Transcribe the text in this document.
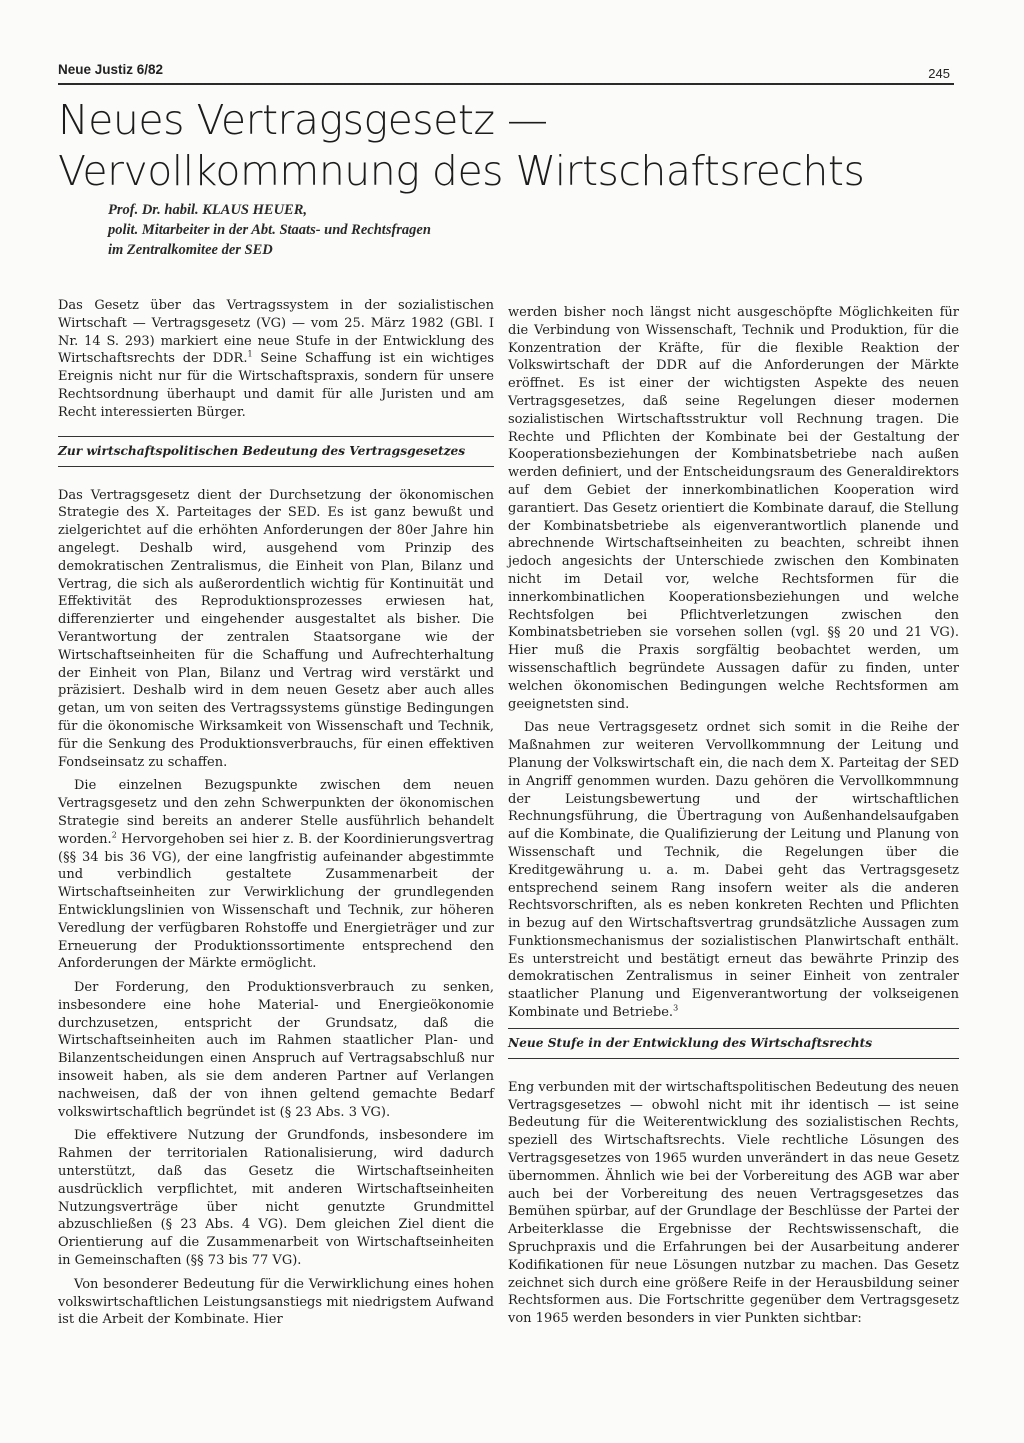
Neue Justiz 6/82	245
Neues Vertragsgesetz —
Vervollkommnung des Wirtschaftsrechts
Prof. Dr. habil. KLAUS HEUER,
polit. Mitarbeiter in der Abt. Staats- und Rechtsfragen
im Zentralkomitee der SED

Das Gesetz über das Vertragssystem in der sozialistischen Wirtschaft — Vertragsgesetz (VG) — vom 25. März 1982 (GBl. I Nr. 14 S. 293) markiert eine neue Stufe in der Entwicklung des Wirtschaftsrechts der DDR.$^1$ Seine Schaffung ist ein wichtiges Ereignis nicht nur für die Wirtschaftspraxis, sondern für unsere Rechtsordnung überhaupt und damit für alle Juristen und am Recht interessierten Bürger.

Zur wirtschaftspolitischen Bedeutung des Vertragsgesetzes

Das Vertragsgesetz dient der Durchsetzung der ökonomischen Strategie des X. Parteitages der SED. Es ist ganz bewußt und zielgerichtet auf die erhöhten Anforderungen der 80er Jahre hin angelegt. Deshalb wird, ausgehend vom Prinzip des demokratischen Zentralismus, die Einheit von Plan, Bilanz und Vertrag, die sich als außerordentlich wichtig für Kontinuität und Effektivität des Reproduktionsprozesses erwiesen hat, differenzierter und eingehender ausgestaltet als bisher. Die Verantwortung der zentralen Staatsorgane wie der Wirtschaftseinheiten für die Schaffung und Aufrechterhaltung der Einheit von Plan, Bilanz und Vertrag wird verstärkt und präzisiert. Deshalb wird in dem neuen Gesetz aber auch alles getan, um von seiten des Vertragssystems günstige Bedingungen für die ökonomische Wirksamkeit von Wissenschaft und Technik, für die Senkung des Produktionsverbrauchs, für einen effektiven Fondseinsatz zu schaffen.

Die einzelnen Bezugspunkte zwischen dem neuen Vertragsgesetz und den zehn Schwerpunkten der ökonomischen Strategie sind bereits an anderer Stelle ausführlich behandelt worden.$^2$ Hervorgehoben sei hier z. B. der Koordinierungsvertrag (§§ 34 bis 36 VG), der eine langfristig aufeinander abgestimmte und verbindlich gestaltete Zusammenarbeit der Wirtschaftseinheiten zur Verwirklichung der grundlegenden Entwicklungslinien von Wissenschaft und Technik, zur höheren Veredlung der verfügbaren Rohstoffe und Energieträger und zur Erneuerung der Produktionssortimente entsprechend den Anforderungen der Märkte ermöglicht.

Der Forderung, den Produktionsverbrauch zu senken, insbesondere eine hohe Material- und Energieökonomie durchzusetzen, entspricht der Grundsatz, daß die Wirtschaftseinheiten auch im Rahmen staatlicher Plan- und Bilanzentscheidungen einen Anspruch auf Vertragsabschluß nur insoweit haben, als sie dem anderen Partner auf Verlangen nachweisen, daß der von ihnen geltend gemachte Bedarf volkswirtschaftlich begründet ist (§ 23 Abs. 3 VG).

Die effektivere Nutzung der Grundfonds, insbesondere im Rahmen der territorialen Rationalisierung, wird dadurch unterstützt, daß das Gesetz die Wirtschaftseinheiten ausdrücklich verpflichtet, mit anderen Wirtschaftseinheiten Nutzungsverträge über nicht genutzte Grundmittel abzuschließen (§ 23 Abs. 4 VG). Dem gleichen Ziel dient die Orientierung auf die Zusammenarbeit von Wirtschaftseinheiten in Gemeinschaften (§§ 73 bis 77 VG).

Von besonderer Bedeutung für die Verwirklichung eines hohen volkswirtschaftlichen Leistungsanstiegs mit niedrigstem Aufwand ist die Arbeit der Kombinate. Hier

werden bisher noch längst nicht ausgeschöpfte Möglichkeiten für die Verbindung von Wissenschaft, Technik und Produktion, für die Konzentration der Kräfte, für die flexible Reaktion der Volkswirtschaft der DDR auf die Anforderungen der Märkte eröffnet. Es ist einer der wichtigsten Aspekte des neuen Vertragsgesetzes, daß seine Regelungen dieser modernen sozialistischen Wirtschaftsstruktur voll Rechnung tragen. Die Rechte und Pflichten der Kombinate bei der Gestaltung der Kooperationsbeziehungen der Kombinatsbetriebe nach außen werden definiert, und der Entscheidungsraum des Generaldirektors auf dem Gebiet der innerkombinatlichen Kooperation wird garantiert. Das Gesetz orientiert die Kombinate darauf, die Stellung der Kombinatsbetriebe als eigenverantwortlich planende und abrechnende Wirtschaftseinheiten zu beachten, schreibt ihnen jedoch angesichts der Unterschiede zwischen den Kombinaten nicht im Detail vor, welche Rechtsformen für die innerkombinatlichen Kooperationsbeziehungen und welche Rechtsfolgen bei Pflichtverletzungen zwischen den Kombinatsbetrieben sie vorsehen sollen (vgl. §§ 20 und 21 VG). Hier muß die Praxis sorgfältig beobachtet werden, um wissenschaftlich begründete Aussagen dafür zu finden, unter welchen ökonomischen Bedingungen welche Rechtsformen am geeignetsten sind.

Das neue Vertragsgesetz ordnet sich somit in die Reihe der Maßnahmen zur weiteren Vervollkommnung der Leitung und Planung der Volkswirtschaft ein, die nach dem X. Parteitag der SED in Angriff genommen wurden. Dazu gehören die Vervollkommnung der Leistungsbewertung und der wirtschaftlichen Rechnungsführung, die Übertragung von Außenhandelsaufgaben auf die Kombinate, die Qualifizierung der Leitung und Planung von Wissenschaft und Technik, die Regelungen über die Kreditgewährung u. a. m. Dabei geht das Vertragsgesetz entsprechend seinem Rang insofern weiter als die anderen Rechtsvorschriften, als es neben konkreten Rechten und Pflichten in bezug auf den Wirtschaftsvertrag grundsätzliche Aussagen zum Funktionsmechanismus der sozialistischen Planwirtschaft enthält. Es unterstreicht und bestätigt erneut das bewährte Prinzip des demokratischen Zentralismus in seiner Einheit von zentraler staatlicher Planung und Eigenverantwortung der volkseigenen Kombinate und Betriebe.$^3$

Neue Stufe in der Entwicklung des Wirtschaftsrechts

Eng verbunden mit der wirtschaftspolitischen Bedeutung des neuen Vertragsgesetzes — obwohl nicht mit ihr identisch — ist seine Bedeutung für die Weiterentwicklung des sozialistischen Rechts, speziell des Wirtschaftsrechts. Viele rechtliche Lösungen des Vertragsgesetzes von 1965 wurden unverändert in das neue Gesetz übernommen. Ähnlich wie bei der Vorbereitung des AGB war aber auch bei der Vorbereitung des neuen Vertragsgesetzes das Bemühen spürbar, auf der Grundlage der Beschlüsse der Partei der Arbeiterklasse die Ergebnisse der Rechtswissenschaft, die Spruchpraxis und die Erfahrungen bei der Ausarbeitung anderer Kodifikationen für neue Lösungen nutzbar zu machen. Das Gesetz zeichnet sich durch eine größere Reife in der Herausbildung seiner Rechtsformen aus. Die Fortschritte gegenüber dem Vertragsgesetz von 1965 werden besonders in vier Punkten sichtbar:
